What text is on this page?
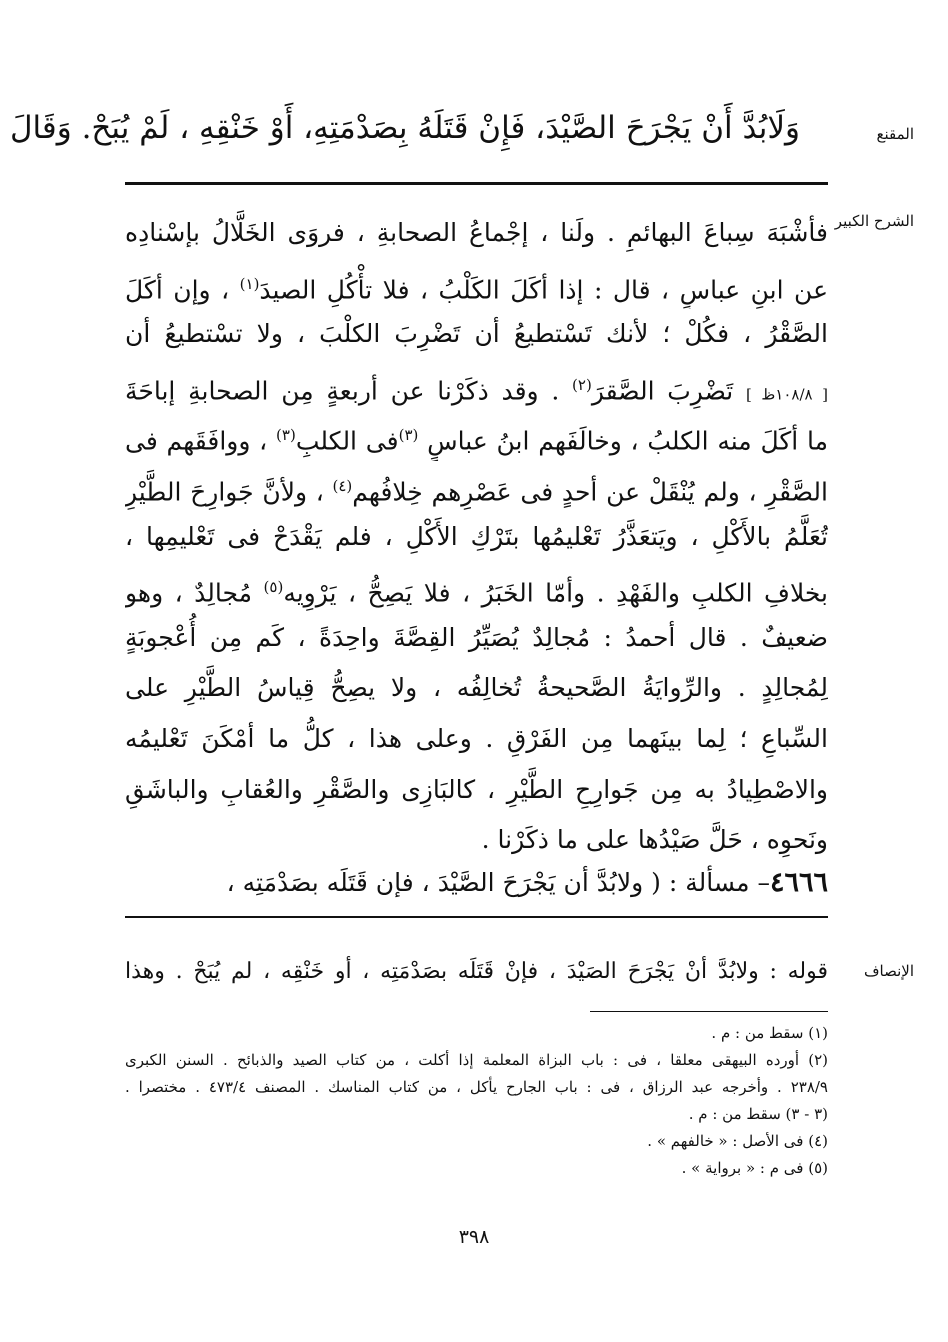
المقنع
وَلَابُدَّ أَنْ يَجْرَحَ الصَّيْدَ، فَإِنْ قَتَلَهُ بِصَدْمَتِهِ، أَوْ خَنْقِهِ ، لَمْ يُبَحْ. وَقَالَ
الشرح الكبير
فأشْبَهَ سِباعَ البهائمِ . ولَنا ، إجْماعُ الصحابةِ ، فروَى الخَلَّالُ بإسْنادِه
عن ابنِ عباسٍ ، قال : إذا أكَلَ الكَلْبُ ، فلا تأْكُلِ الصيدَ$^{(١)}$ ، وإن أكَلَ
الصَّقْرُ ، فكُلْ ؛ لأنك تَسْتطيعُ أن تَضْرِبَ الكلْبَ ، ولا تسْتطيعُ أن
[ ١٠٨/٨ظ ] تَضْرِبَ الصَّقرَ$^{(٢)}$ . وقد ذكَرْنا عن أربعةٍ مِن الصحابةِ إباحَةَ
ما أكَلَ منه الكلبُ ، وخالَفَهم ابنُ عباسٍ $^{(٣)}$فى الكلبِ$^{(٣)}$ ، ووافَقَهم فى
الصَّقْرِ ، ولم يُنْقَلْ عن أحدٍ فى عَصْرِهم خِلافُهم$^{(٤)}$ ، ولأنَّ جَوارِحَ الطَّيْرِ
تُعَلَّمُ بالأَكْلِ ، ويَتعَذَّرُ تَعْليمُها بتَرْكِ الأَكْلِ ، فلم يَقْدَحْ فى تَعْليمِها ،
بخلافِ الكلبِ والفَهْدِ . وأمّا الخَبَرُ ، فلا يَصِحُّ ، يَرْوِيه$^{(٥)}$ مُجالِدٌ ، وهو
ضعيفٌ . قال أحمدُ : مُجالِدٌ يُصَيِّرُ القِصَّةَ واحِدَةً ، كَم مِن أُعْجوبَةٍ
لِمُجالِدٍ . والرِّوايَةُ الصَّحيحةُ تُخالِفُه ، ولا يصِحُّ قِياسُ الطَّيْرِ على
السِّباعِ ؛ لِما بينَهما مِن الفَرْقِ . وعلى هذا ، كلُّ ما أمْكَنَ تَعْليمُه
والاصْطِيادُ به مِن جَوارِحِ الطَّيْرِ ، كالبَازِى والصَّقْرِ والعُقابِ والباشَقِ
ونَحوِه ، حَلَّ صَيْدُها على ما ذكَرْنا .
٤٦٦٦– مسألة : ( ولابُدَّ أن يَجْرَحَ الصَّيْدَ ، فإن قَتَلَه بصَدْمَتِه ،
الإنصاف
قوله : ولابُدَّ أنْ يَجْرَحَ الصَيْدَ ، فإنْ قَتَلَه بصَدْمَتِه ، أو خَنْقِه ، لم يُبَحْ . وهذا
(١) سقط من : م .
(٢) أورده البيهقى معلقا ، فى : باب البزاة المعلمة إذا أكلت ، من كتاب الصيد والذبائح . السنن الكبرى
٢٣٨/٩ . وأخرجه عبد الرزاق ، فى : باب الجارح يأكل ، من كتاب المناسك . المصنف ٤٧٣/٤ . مختصرا .
(٣ - ٣) سقط من : م .
(٤) فى الأصل : « خالفهم » .
(٥) فى م : « برواية » .
٣٩٨
